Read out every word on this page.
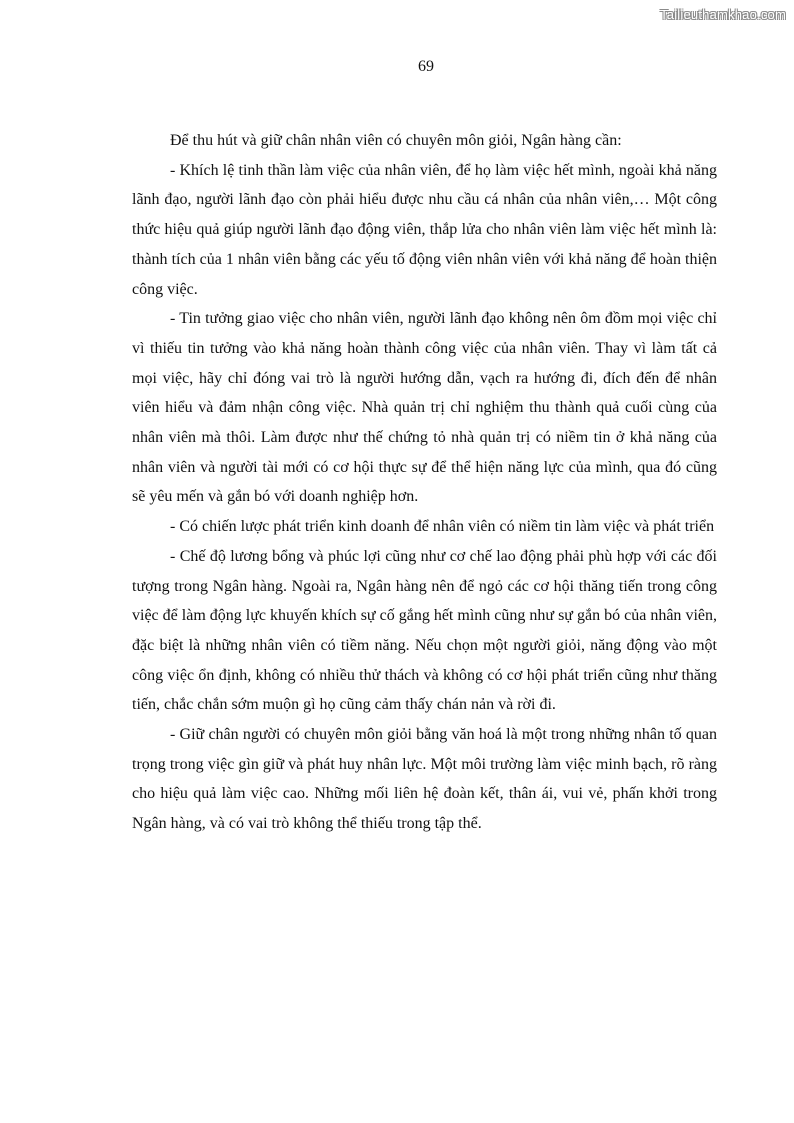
Tailieuthamkhao.com
69

Để thu hút và giữ chân nhân viên có chuyên môn giỏi, Ngân hàng cần:

- Khích lệ tinh thần làm việc của nhân viên, để họ làm việc hết mình, ngoài khả năng lãnh đạo, người lãnh đạo còn phải hiểu được nhu cầu cá nhân của nhân viên,… Một công thức hiệu quả giúp người lãnh đạo động viên, thắp lửa cho nhân viên làm việc hết mình là: thành tích của 1 nhân viên bằng các yếu tố động viên nhân viên với khả năng để hoàn thiện công việc.

- Tin tưởng giao việc cho nhân viên, người lãnh đạo không nên ôm đồm mọi việc chỉ vì thiếu tin tưởng vào khả năng hoàn thành công việc của nhân viên. Thay vì làm tất cả mọi việc, hãy chỉ đóng vai trò là người hướng dẫn, vạch ra hướng đi, đích đến để nhân viên hiểu và đảm nhận công việc. Nhà quản trị chỉ nghiệm thu thành quả cuối cùng của nhân viên mà thôi. Làm được như thế chứng tỏ nhà quản trị có niềm tin ở khả năng của nhân viên và người tài mới có cơ hội thực sự để thể hiện năng lực của mình, qua đó cũng sẽ yêu mến và gắn bó với doanh nghiệp hơn.

- Có chiến lược phát triển kinh doanh để nhân viên có niềm tin làm việc và phát triển

- Chế độ lương bổng và phúc lợi cũng như cơ chế lao động phải phù hợp với các đối tượng trong Ngân hàng. Ngoài ra, Ngân hàng nên để ngỏ các cơ hội thăng tiến trong công việc để làm động lực khuyến khích sự cố gắng hết mình cũng như sự gắn bó của nhân viên, đặc biệt là những nhân viên có tiềm năng. Nếu chọn một người giỏi, năng động vào một công việc ổn định, không có nhiều thử thách và không có cơ hội phát triển cũng như thăng tiến, chắc chắn sớm muộn gì họ cũng cảm thấy chán nản và rời đi.

- Giữ chân người có chuyên môn giỏi bằng văn hoá là một trong những nhân tố quan trọng trong việc gìn giữ và phát huy nhân lực. Một môi trường làm việc minh bạch, rõ ràng cho hiệu quả làm việc cao. Những mối liên hệ đoàn kết, thân ái, vui vẻ, phấn khởi trong Ngân hàng, và có vai trò không thể thiếu trong tập thể.
